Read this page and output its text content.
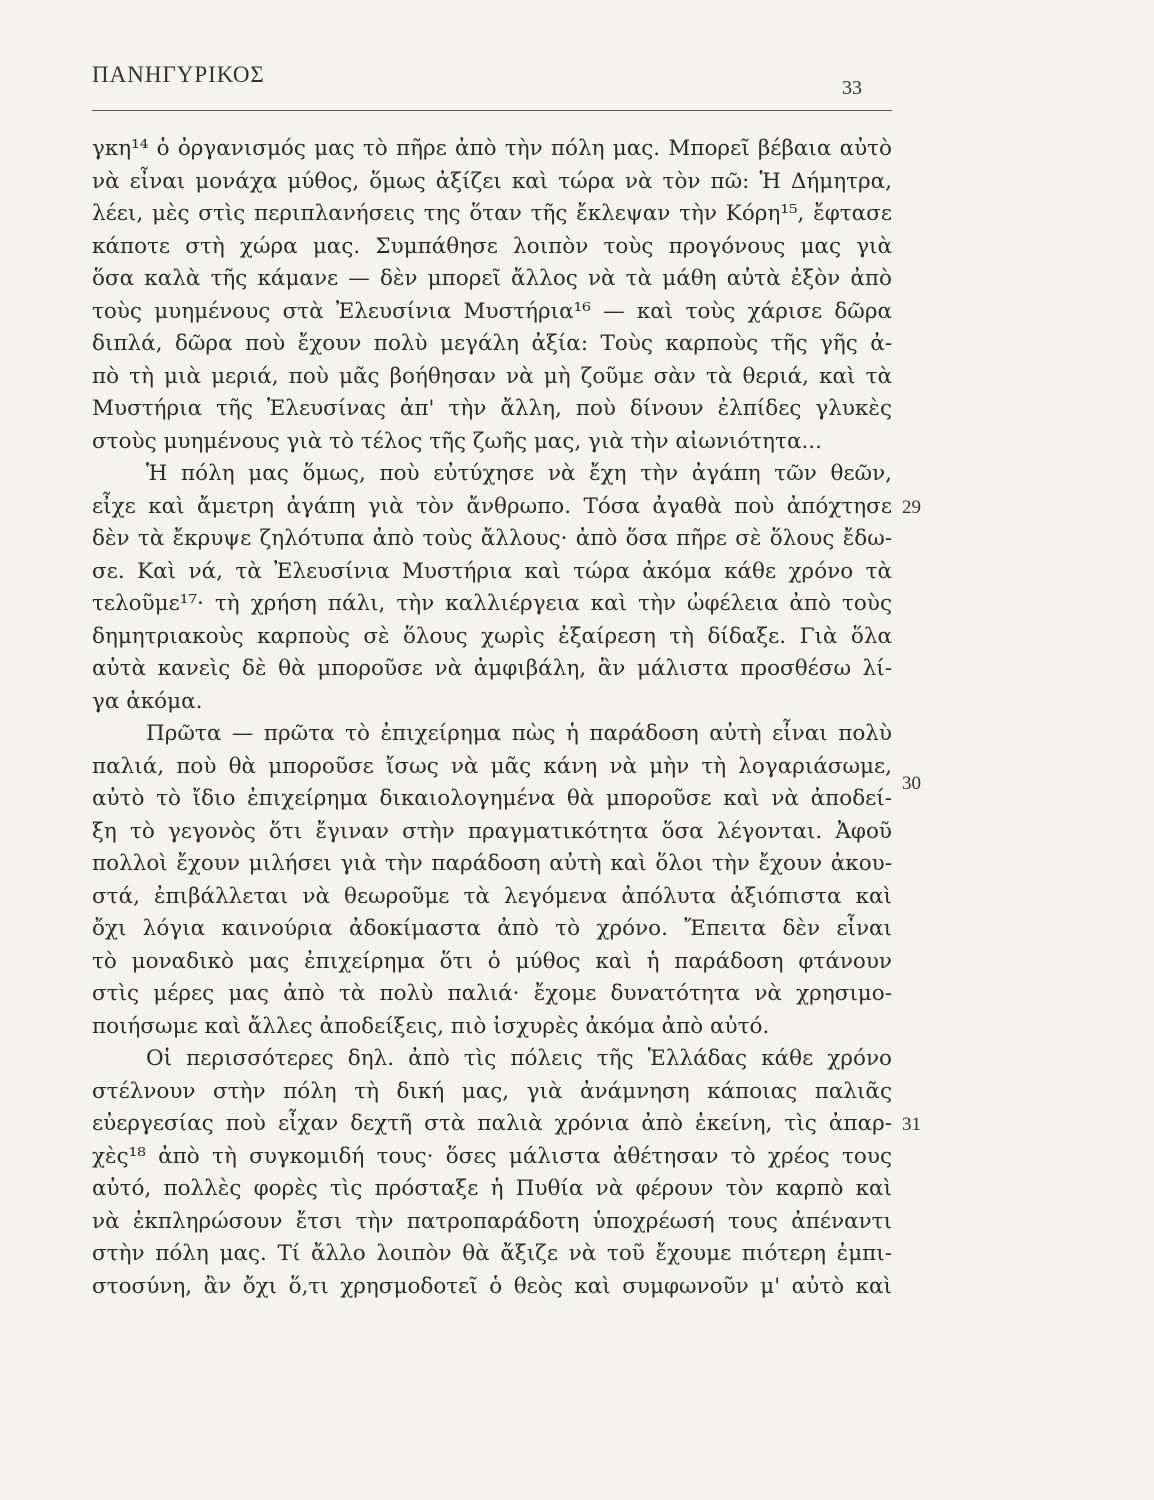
ΠΑΝΗΓΥΡΙΚΟΣ
33
γκη¹⁴ ὁ ὀργανισμός μας τὸ πῆρε ἀπὸ τὴν πόλη μας. Μπορεῖ βέβαια αὐτὸ
νὰ εἶναι μονάχα μύθος, ὅμως ἀξίζει καὶ τώρα νὰ τὸν πῶ: Ἡ Δήμητρα,
λέει, μὲς στὶς περιπλανήσεις της ὅταν τῆς ἔκλεψαν τὴν Κόρη¹⁵, ἔφτασε
κάποτε στὴ χώρα μας. Συμπάθησε λοιπὸν τοὺς προγόνους μας γιὰ
ὅσα καλὰ τῆς κάμανε — δὲν μπορεῖ ἄλλος νὰ τὰ μάθη αὐτὰ ἐξὸν ἀπὸ
τοὺς μυημένους στὰ Ἐλευσίνια Μυστήρια¹⁶ — καὶ τοὺς χάρισε δῶρα
διπλά, δῶρα ποὺ ἔχουν πολὺ μεγάλη ἀξία: Τοὺς καρποὺς τῆς γῆς ἀ-
πὸ τὴ μιὰ μεριά, ποὺ μᾶς βοήθησαν νὰ μὴ ζοῦμε σὰν τὰ θεριά, καὶ τὰ
Μυστήρια τῆς Ἐλευσίνας ἀπ' τὴν ἄλλη, ποὺ δίνουν ἐλπίδες γλυκὲς
στοὺς μυημένους γιὰ τὸ τέλος τῆς ζωῆς μας, γιὰ τὴν αἰωνιότητα...
Ἡ πόλη μας ὅμως, ποὺ εὐτύχησε νὰ ἔχη τὴν ἀγάπη τῶν θεῶν,
εἶχε καὶ ἄμετρη ἀγάπη γιὰ τὸν ἄνθρωπο. Τόσα ἀγαθὰ ποὺ ἀπόχτησε
δὲν τὰ ἔκρυψε ζηλότυπα ἀπὸ τοὺς ἄλλους· ἀπὸ ὅσα πῆρε σὲ ὅλους ἔδω-
σε. Καὶ νά, τὰ Ἐλευσίνια Μυστήρια καὶ τώρα ἀκόμα κάθε χρόνο τὰ
τελοῦμε¹⁷· τὴ χρήση πάλι, τὴν καλλιέργεια καὶ τὴν ὠφέλεια ἀπὸ τοὺς
δημητριακοὺς καρποὺς σὲ ὅλους χωρὶς ἐξαίρεση τὴ δίδαξε. Γιὰ ὅλα
αὐτὰ κανεὶς δὲ θὰ μποροῦσε νὰ ἀμφιβάλη, ἂν μάλιστα προσθέσω λί-
γα ἀκόμα.
Πρῶτα — πρῶτα τὸ ἐπιχείρημα πὼς ἡ παράδοση αὐτὴ εἶναι πολὺ
παλιά, ποὺ θὰ μποροῦσε ἴσως νὰ μᾶς κάνη νὰ μὴν τὴ λογαριάσωμε,
αὐτὸ τὸ ἴδιο ἐπιχείρημα δικαιολογημένα θὰ μποροῦσε καὶ νὰ ἀποδεί-
ξη τὸ γεγονὸς ὅτι ἔγιναν στὴν πραγματικότητα ὅσα λέγονται. Ἀφοῦ
πολλοὶ ἔχουν μιλήσει γιὰ τὴν παράδοση αὐτὴ καὶ ὅλοι τὴν ἔχουν ἀκου-
στά, ἐπιβάλλεται νὰ θεωροῦμε τὰ λεγόμενα ἀπόλυτα ἀξιόπιστα καὶ
ὄχι λόγια καινούρια ἀδοκίμαστα ἀπὸ τὸ χρόνο. Ἔπειτα δὲν εἶναι
τὸ μοναδικὸ μας ἐπιχείρημα ὅτι ὁ μύθος καὶ ἡ παράδοση φτάνουν
στὶς μέρες μας ἀπὸ τὰ πολὺ παλιά· ἔχομε δυνατότητα νὰ χρησιμο-
ποιήσωμε καὶ ἄλλες ἀποδείξεις, πιὸ ἰσχυρὲς ἀκόμα ἀπὸ αὐτό.
Οἱ περισσότερες δηλ. ἀπὸ τὶς πόλεις τῆς Ἑλλάδας κάθε χρόνο
στέλνουν στὴν πόλη τὴ δική μας, γιὰ ἀνάμνηση κάποιας παλιᾶς
εὐεργεσίας ποὺ εἶχαν δεχτῆ στὰ παλιὰ χρόνια ἀπὸ ἐκείνη, τὶς ἀπαρ-
χὲς¹⁸ ἀπὸ τὴ συγκομιδή τους· ὅσες μάλιστα ἀθέτησαν τὸ χρέος τους
αὐτό, πολλὲς φορὲς τὶς πρόσταξε ἡ Πυθία νὰ φέρουν τὸν καρπὸ καὶ
νὰ ἐκπληρώσουν ἔτσι τὴν πατροπαράδοτη ὑποχρέωσή τους ἀπέναντι
στὴν πόλη μας. Τί ἄλλο λοιπὸν θὰ ἄξιζε νὰ τοῦ ἔχουμε πιότερη ἐμπι-
στοσύνη, ἂν ὄχι ὅ,τι χρησμοδοτεῖ ὁ θεὸς καὶ συμφωνοῦν μ' αὐτὸ καὶ
29
30
31
